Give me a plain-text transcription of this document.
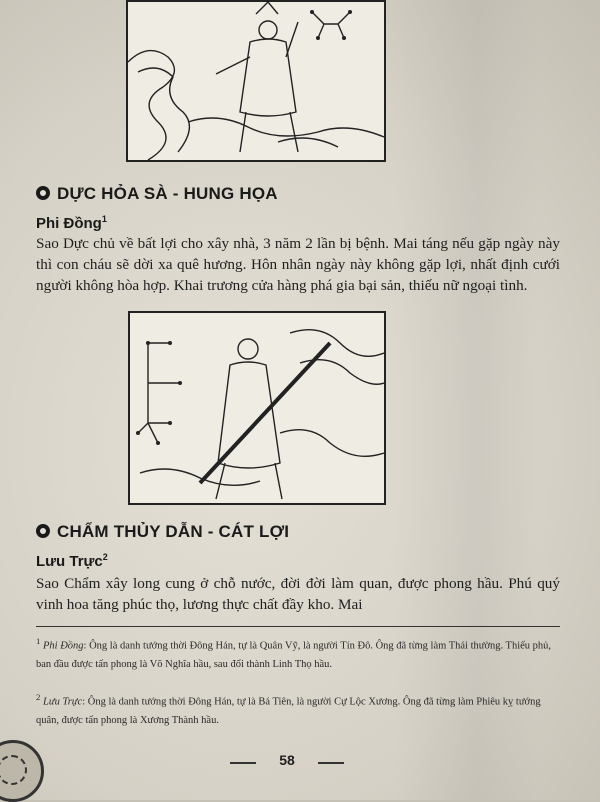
DỰC HỎA SÀ - HUNG HỌA
Phi Đồng$^1$
Sao Dực chủ về bất lợi cho xây nhà, 3 năm 2 lần bị bệnh. Mai táng nếu gặp ngày này thì con cháu sẽ dời xa quê hương. Hôn nhân ngày này không gặp lợi, nhất định cưới người không hòa hợp. Khai trương cửa hàng phá gia bại sản, thiếu nữ ngoại tình.
CHẨM THỦY DẪN - CÁT LỢI
Lưu Trực$^2$
Sao Chẩm xây long cung ở chỗ nước, đời đời làm quan, được phong hầu. Phú quý vinh hoa tăng phúc thọ, lương thực chất đầy kho. Mai
$^1$ Phi Đồng: Ông là danh tướng thời Đông Hán, tự là Quân Vỹ, là người Tín Đô. Ông đã từng làm Thái thường. Thiếu phủ, ban đầu được tấn phong là Võ Nghĩa hầu, sau đổi thành Linh Thọ hầu.
$^2$ Lưu Trực: Ông là danh tướng thời Đông Hán, tự là Bá Tiên, là người Cự Lộc Xương. Ông đã từng làm Phiêu kỵ tướng quân, được tấn phong là Xương Thành hầu.
58
